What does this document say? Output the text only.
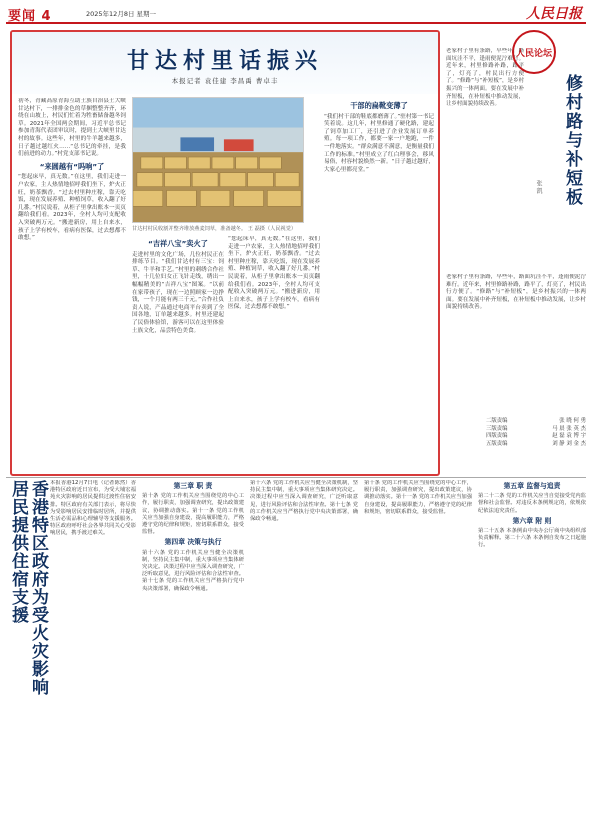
要闻 4	2025年12月8日 星期一	人民日报
甘达村里话振兴
本报记者 袁佳建 李昌禹 曹卓丰

初冬，青藏高原青海互助土族自治县土大峡甘达村下，一排排金色的草捆整整齐齐，环绕在山坡上，村民们忙着为牲畜储备越冬饲草。2021年全国两会期间，习近平总书记参加青海代表团审议时，提到土大峡里甘达村的故事。这些年，村里的牛羊越来越多，日子越过越红火……“总书记的牵挂，是我们前进的动力。”村党支部书记说。

“来圆越有“吗响”了

“您起床早，真无数。”在这里，我们走进一户农家，主人热情地招呼我们坐下，炉火正旺，奶茶飘香。“过去村里种庄稼，靠天吃饭，现在发展养殖、种植饲草，收入翻了好几番。”村民说着，从柜子里拿出账本一页页翻给我们看。2023年，全村人均可支配收入突破两万元。“搬进新房，用上自来水，孩子上学有校车，看病有医保，过去想都不敢想。”

甘达村村民收割并整齐堆放燕麦饲草，准备越冬。 王 磊摄（人民视觉）
“吉祥八宝”卖火了

走进村里的文化广场，几位村民正在排练节目。“我们甘达村有三宝：饲草、牛羊和手艺。”村里的刺绣合作社里，十几位妇女正飞针走线，绣出一幅幅精美的“吉祥八宝”图案。“以前在家带孩子，现在一边照顾家一边挣钱，一个月能有两三千元。”合作社负责人说，产品通过电商平台卖到了全国各地，订单越来越多。村里还建起了民俗体验馆，游客可以在这里体验土族文化，品尝特色美食。

“您起床早，真无数。”在这里，我们走进一户农家，主人热情地招呼我们坐下，炉火正旺，奶茶飘香。“过去村里种庄稼，靠天吃饭，现在发展养殖、种植饲草，收入翻了好几番。”村民说着，从柜子里拿出账本一页页翻给我们看。2023年，全村人均可支配收入突破两万元。“搬进新房，用上自来水，孩子上学有校车，看病有医保，过去想都不敢想。”

干部的扁靴变薄了

“我们村干部的鞋底都磨薄了。”驻村第一书记笑着说。这几年，村里修通了硬化路，建起了饲草加工厂，还引进了企业发展订单养殖。每一项工作，都要一家一户地跑，一件一件地落实。“群众满意不满意，是衡量我们工作的标准。”村里成立了红白理事会，移风易俗，村容村貌焕然一新。“日子越过越好，大家心里都亮堂。”

老家村子里有条路，早些年，路面坑洼不平，逢雨便泥泞难行。近年来，村里修路补路，路平了，灯亮了，村民出行方便了。“修路”与“补短板”，是乡村振兴的一体两面。要在发展中补齐短板，在补短板中推动发展，让乡村面貌持续改善。
人民论坛
修村路与补短板
张 凯

老家村子里有条路，早些年，路面坑洼不平，逢雨便泥泞难行。近年来，村里修路补路，路平了，灯亮了，村民出行方便了。“修路”与“补短板”，是乡村振兴的一体两面。要在发展中补齐短板，在补短板中推动发展，让乡村面貌持续改善。

二版责编	张 晓 何 勇
三版责编	马 晨 张 英 杰
四版责编	赵 磊 袁 博 宇
五版责编	刘 静 刘 金 杰
香港特区政府为受火灾影响居民提供住宿支援	本报香港12月7日电（记者陈然）香港特区政府近日宣布，为受大埔宏福苑火灾影响的居民提供过渡性住宿安排。特区政府有关部门表示，将尽快为受影响居民安排临时居所，并提供生活必需品和心理辅导等支援服务。特区政府呼吁社会各界共同关心受影响居民，携手渡过难关。

第三章 职 责

第十条 党的工作机关应当围绕党的中心工作，履行职责，加强调查研究，提出政策建议，协调推动落实。第十一条 党的工作机关应当加强自身建设，提高履职能力，严格遵守党的纪律和规矩，密切联系群众，接受监督。

第四章 决策与执行

第十六条 党的工作机关应当健全决策机制，坚持民主集中制，重大事项应当集体研究决定。决策过程中应当深入调查研究，广泛听取意见，进行风险评估和合法性审查。第十七条 党的工作机关应当严格执行党中央决策部署，确保政令畅通。

第十六条 党的工作机关应当健全决策机制，坚持民主集中制，重大事项应当集体研究决定。决策过程中应当深入调查研究，广泛听取意见，进行风险评估和合法性审查。第十七条 党的工作机关应当严格执行党中央决策部署，确保政令畅通。

第十条 党的工作机关应当围绕党的中心工作，履行职责，加强调查研究，提出政策建议，协调推动落实。第十一条 党的工作机关应当加强自身建设，提高履职能力，严格遵守党的纪律和规矩，密切联系群众，接受监督。

第五章 监督与追责

第二十二条 党的工作机关应当自觉接受党内监督和社会监督。对违反本条例规定的，依规依纪依法追究责任。

第六章 附 则

第二十五条 本条例由中央办公厅商中央组织部负责解释。第二十六条 本条例自发布之日起施行。
